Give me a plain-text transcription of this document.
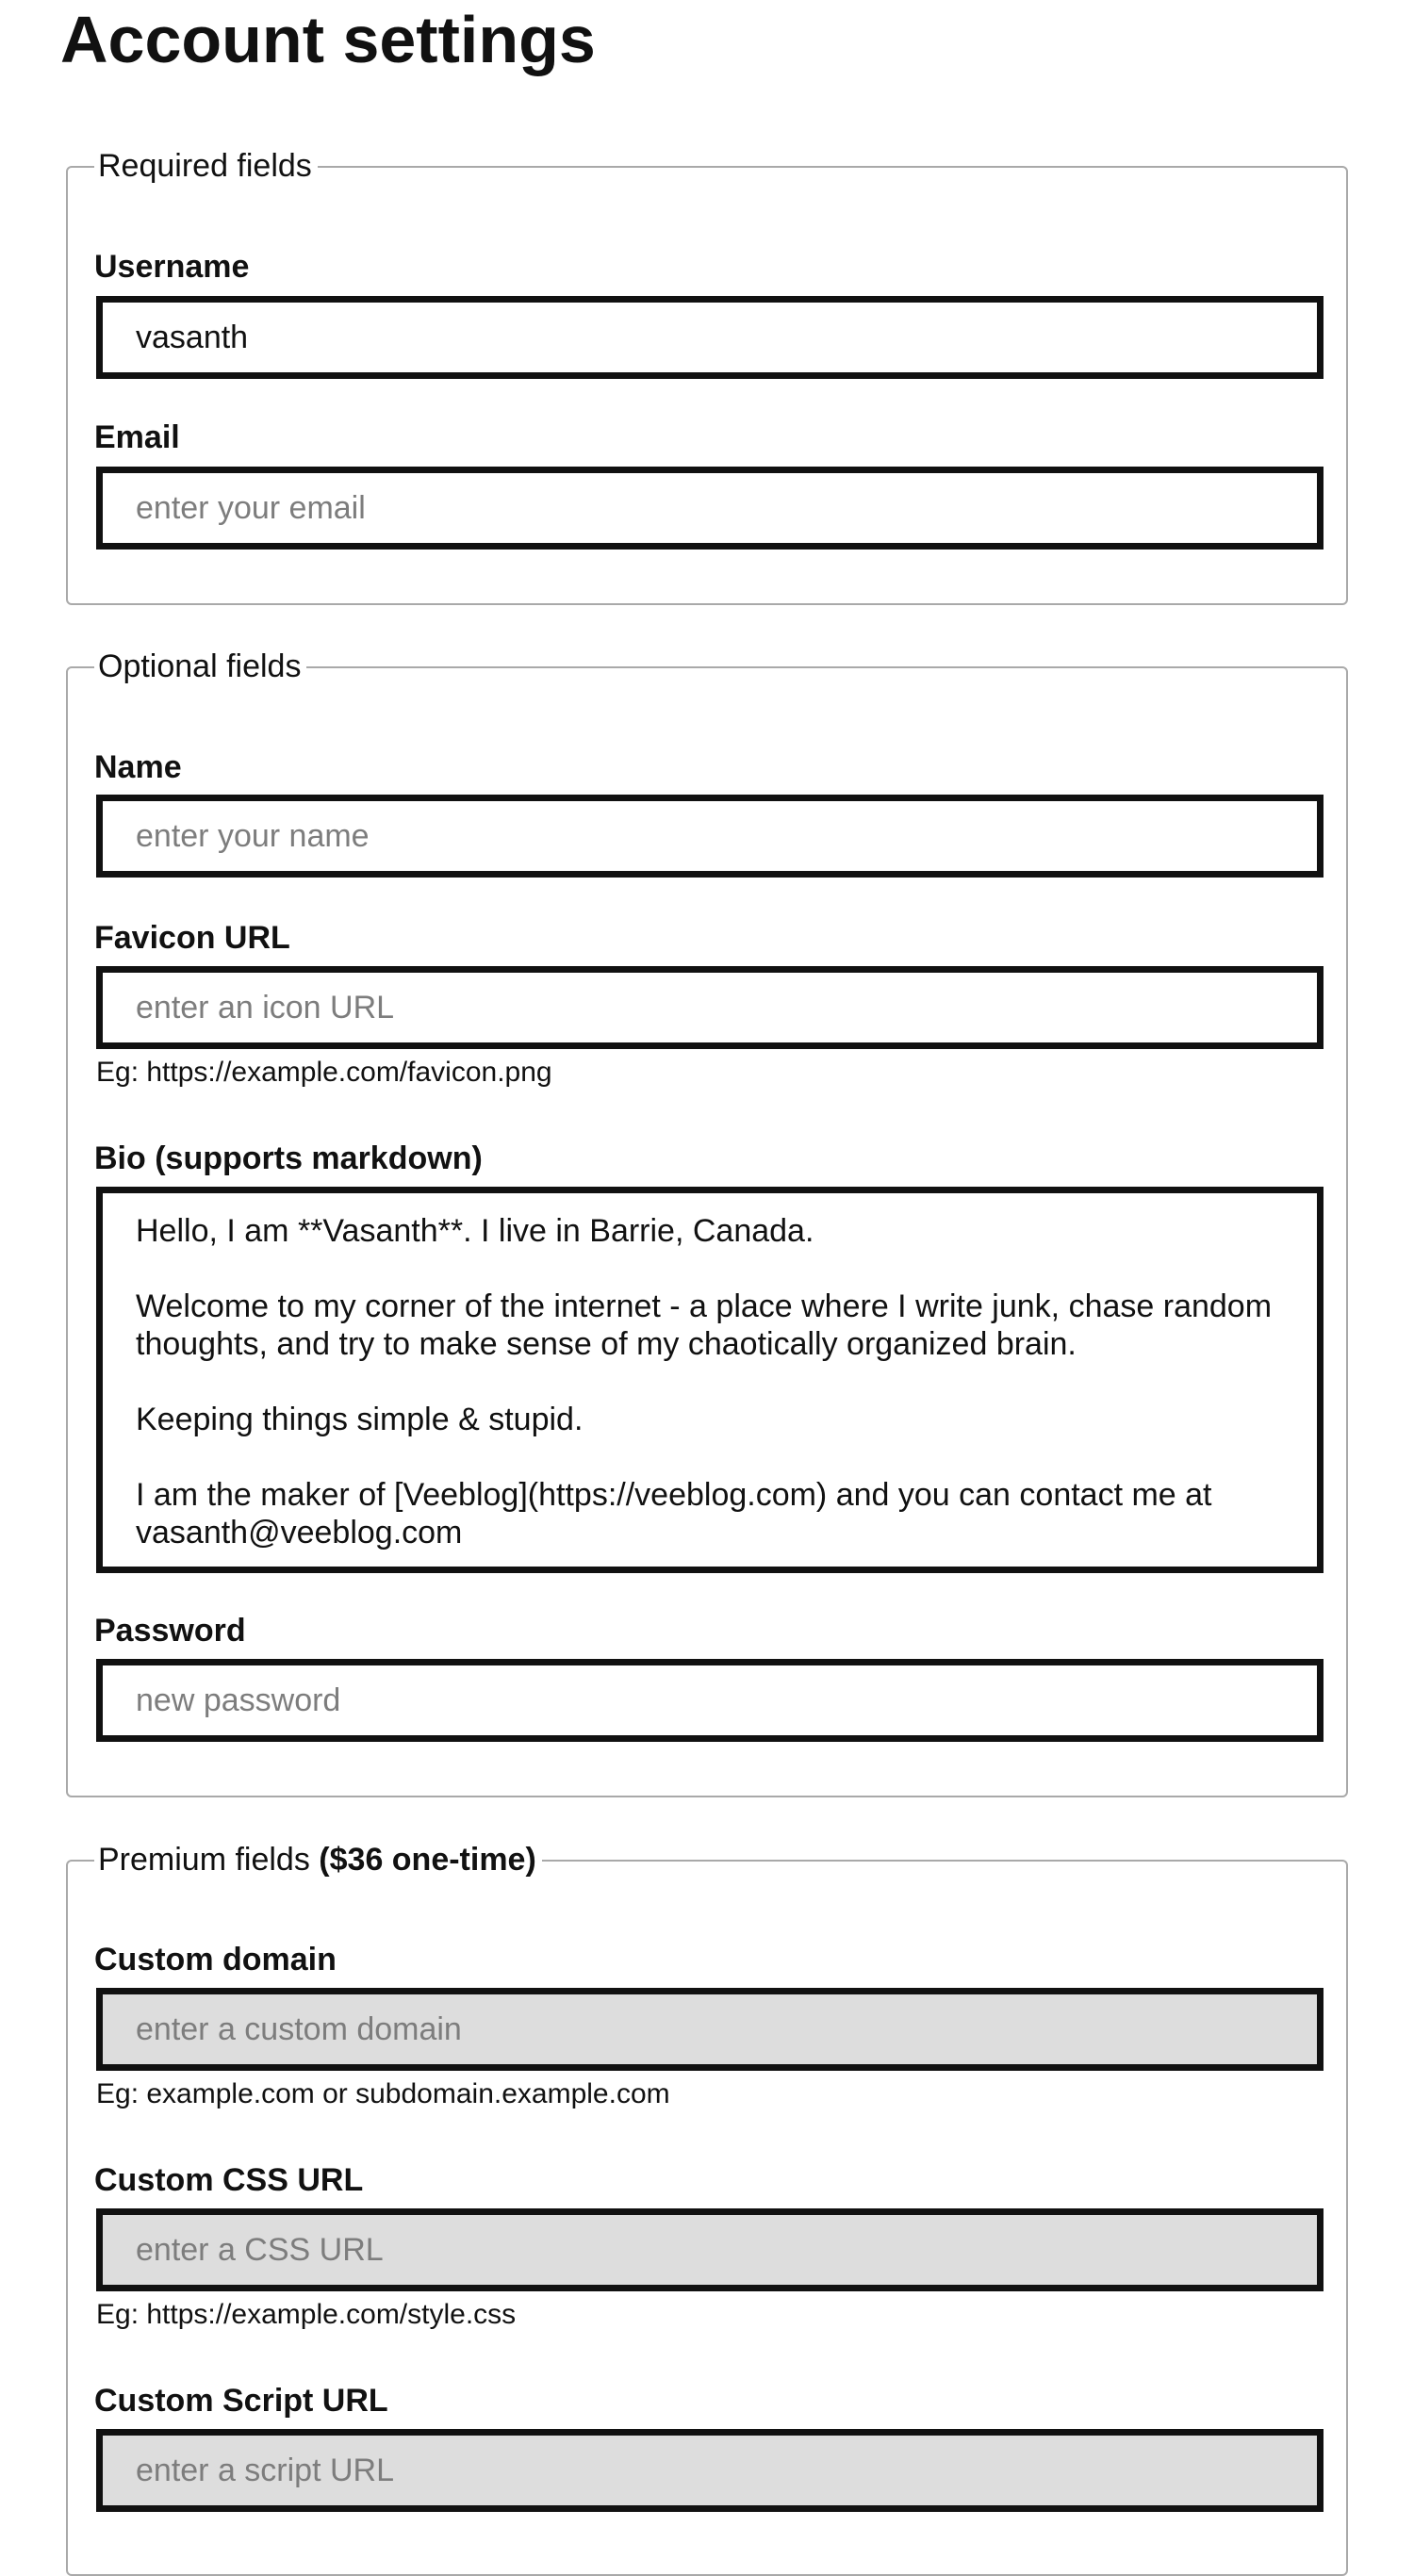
Account settings
Required fields
Username
vasanth
Email
enter your email
Optional fields
Name
enter your name
Favicon URL
enter an icon URL
Eg: https://example.com/favicon.png
Bio (supports markdown)
Hello, I am **Vasanth**. I live in Barrie, Canada. Welcome to my corner of the internet - a place where I write junk, chase random thoughts, and try to make sense of my chaotically organized brain. Keeping things simple & stupid. I am the maker of [Veeblog](https://veeblog.com) and you can contact me at vasanth@veeblog.com
Password
Premium fields ($36 one-time)
Custom domain
enter a custom domain
Eg: example.com or subdomain.example.com
Custom CSS URL
enter a CSS URL
Eg: https://example.com/style.css
Custom Script URL
enter a script URL
